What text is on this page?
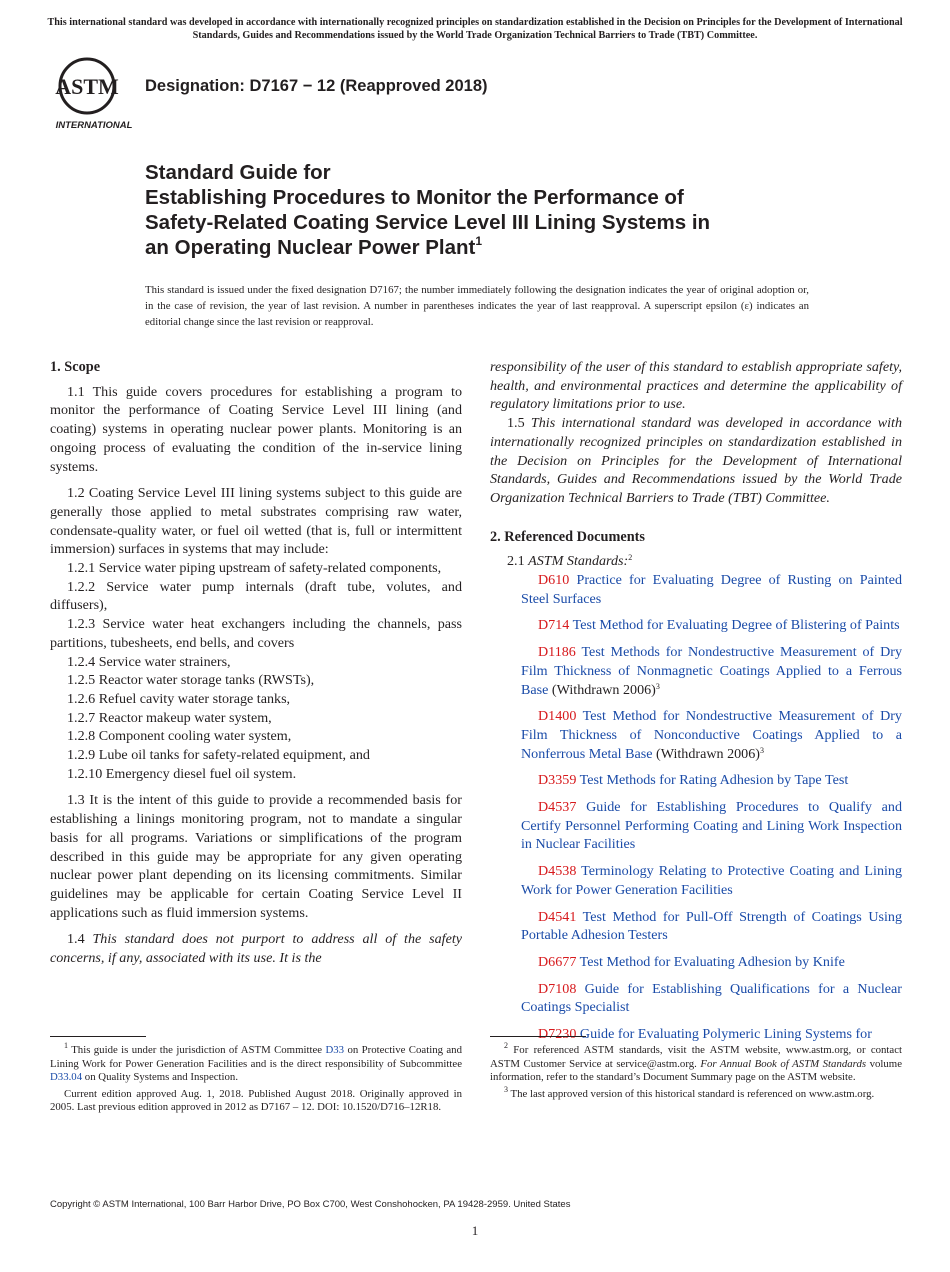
This international standard was developed in accordance with internationally recognized principles on standardization established in the Decision on Principles for the Development of International Standards, Guides and Recommendations issued by the World Trade Organization Technical Barriers to Trade (TBT) Committee.
ASTM
INTERNATIONAL
Designation: D7167 − 12 (Reapproved 2018)
Standard Guide for
Establishing Procedures to Monitor the Performance of
Safety-Related Coating Service Level III Lining Systems in
an Operating Nuclear Power Plant$^1$
This standard is issued under the fixed designation D7167; the number immediately following the designation indicates the year of original adoption or, in the case of revision, the year of last revision. A number in parentheses indicates the year of last reapproval. A superscript epsilon (ε) indicates an editorial change since the last revision or reapproval.
1. Scope

1.1 This guide covers procedures for establishing a program to monitor the performance of Coating Service Level III lining (and coating) systems in operating nuclear power plants. Monitoring is an ongoing process of evaluating the condition of the in-service lining systems.

1.2 Coating Service Level III lining systems subject to this guide are generally those applied to metal substrates comprising raw water, condensate-quality water, or fuel oil wetted (that is, full or intermittent immersion) surfaces in systems that may include:

1.2.1 Service water piping upstream of safety-related components,

1.2.2 Service water pump internals (draft tube, volutes, and diffusers),

1.2.3 Service water heat exchangers including the channels, pass partitions, tubesheets, end bells, and covers

1.2.4 Service water strainers,

1.2.5 Reactor water storage tanks (RWSTs),

1.2.6 Refuel cavity water storage tanks,

1.2.7 Reactor makeup water system,

1.2.8 Component cooling water system,

1.2.9 Lube oil tanks for safety-related equipment, and

1.2.10 Emergency diesel fuel oil system.

1.3 It is the intent of this guide to provide a recommended basis for establishing a linings monitoring program, not to mandate a singular basis for all programs. Variations or simplifications of the program described in this guide may be appropriate for any given operating nuclear power plant depending on its licensing commitments. Similar guidelines may be applicable for certain Coating Service Level II applications such as fluid immersion systems.

1.4 This standard does not purport to address all of the safety concerns, if any, associated with its use. It is the

responsibility of the user of this standard to establish appropriate safety, health, and environmental practices and determine the applicability of regulatory limitations prior to use.

1.5 This international standard was developed in accordance with internationally recognized principles on standardization established in the Decision on Principles for the Development of International Standards, Guides and Recommendations issued by the World Trade Organization Technical Barriers to Trade (TBT) Committee.

2. Referenced Documents

2.1 ASTM Standards:$^2$

D610 Practice for Evaluating Degree of Rusting on Painted Steel Surfaces

D714 Test Method for Evaluating Degree of Blistering of Paints

D1186 Test Methods for Nondestructive Measurement of Dry Film Thickness of Nonmagnetic Coatings Applied to a Ferrous Base (Withdrawn 2006)$^3$

D1400 Test Method for Nondestructive Measurement of Dry Film Thickness of Nonconductive Coatings Applied to a Nonferrous Metal Base (Withdrawn 2006)$^3$

D3359 Test Methods for Rating Adhesion by Tape Test

D4537 Guide for Establishing Procedures to Qualify and Certify Personnel Performing Coating and Lining Work Inspection in Nuclear Facilities

D4538 Terminology Relating to Protective Coating and Lining Work for Power Generation Facilities

D4541 Test Method for Pull-Off Strength of Coatings Using Portable Adhesion Testers

D6677 Test Method for Evaluating Adhesion by Knife

D7108 Guide for Establishing Qualifications for a Nuclear Coatings Specialist

D7230 Guide for Evaluating Polymeric Lining Systems for

$^1$ This guide is under the jurisdiction of ASTM Committee D33 on Protective Coating and Lining Work for Power Generation Facilities and is the direct responsibility of Subcommittee D33.04 on Quality Systems and Inspection.

Current edition approved Aug. 1, 2018. Published August 2018. Originally approved in 2005. Last previous edition approved in 2012 as D7167 – 12. DOI: 10.1520/D716–12R18.

$^2$ For referenced ASTM standards, visit the ASTM website, www.astm.org, or contact ASTM Customer Service at service@astm.org. For Annual Book of ASTM Standards volume information, refer to the standard’s Document Summary page on the ASTM website.

$^3$ The last approved version of this historical standard is referenced on www.astm.org.

Copyright © ASTM International, 100 Barr Harbor Drive, PO Box C700, West Conshohocken, PA 19428-2959. United States
1
